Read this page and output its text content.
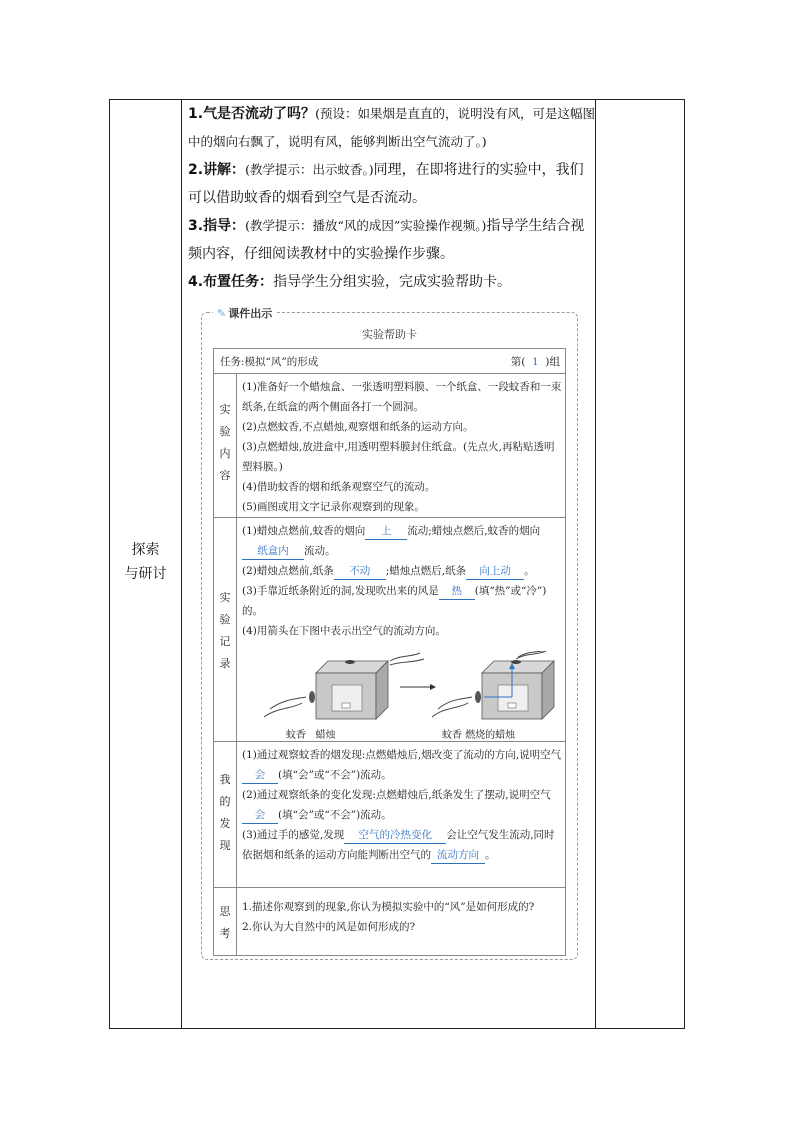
探索
与研讨

1.气是否流动了吗？(预设：如果烟是直直的，说明没有风，可是这幅图中的烟向右飘了，说明有风，能够判断出空气流动了。)

2.讲解：(教学提示：出示蚊香。)同理，在即将进行的实验中，我们可以借助蚊香的烟看到空气是否流动。

3.指导：(教学提示：播放“风的成因”实验操作视频。)指导学生结合视频内容，仔细阅读教材中的实验操作步骤。

4.布置任务：指导学生分组实验，完成实验帮助卡。

✎ 课件出示
实验帮助卡
任务:模拟“风”的形成	第( 1 )组
实
验
内
容

(1)准备好一个蜡烛盒、一张透明塑料膜、一个纸盒、一段蚊香和一束纸条,在纸盒的两个侧面各打一个圆洞。

(2)点燃蚊香,不点蜡烛,观察烟和纸条的运动方向。

(3)点燃蜡烛,放进盒中,用透明塑料膜封住纸盒。(先点火,再粘贴透明塑料膜。)

(4)借助蚊香的烟和纸条观察空气的流动。

(5)画图或用文字记录你观察到的现象。

实
验
记
录

(1)蜡烛点燃前,蚊香的烟向 上 流动;蜡烛点燃后,蚊香的烟向纸盒内 流动。

(2)蜡烛点燃前,纸条 不动 ;蜡烛点燃后,纸条 向上动 。

(3)手靠近纸条附近的洞,发现吹出来的风是 热 (填“热”或“冷”)的。

(4)用箭头在下图中表示出空气的流动方向。

蚊香 蜡烛	蚊香 燃烧的蜡烛
我
的
发
现

(1)通过观察蚊香的烟发现:点燃蜡烛后,烟改变了流动的方向,说明空气会 (填“会”或“不会”)流动。

(2)通过观察纸条的变化发现:点燃蜡烛后,纸条发生了摆动,说明空气会 (填“会”或“不会”)流动。

(3)通过手的感觉,发现 空气的冷热变化 会让空气发生流动,同时依据烟和纸条的运动方向能判断出空气的 流动方向 。

思
考

1.描述你观察到的现象,你认为模拟实验中的“风”是如何形成的?

2.你认为大自然中的风是如何形成的?
